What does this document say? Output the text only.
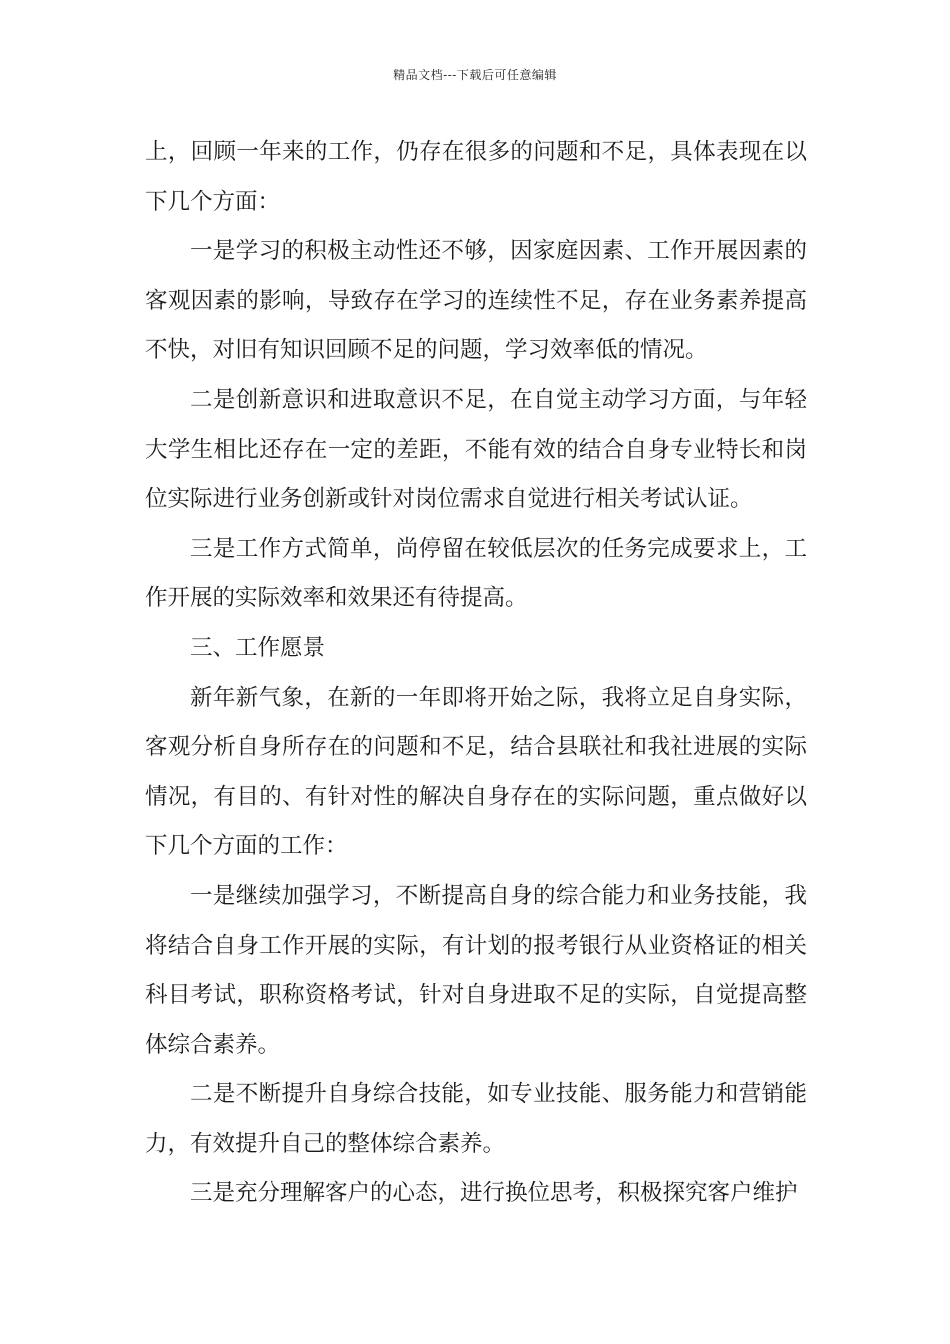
精品文档---下载后可任意编辑

上，回顾一年来的工作，仍存在很多的问题和不足，具体表现在以下几个方面：

一是学习的积极主动性还不够，因家庭因素、工作开展因素的客观因素的影响，导致存在学习的连续性不足，存在业务素养提高不快，对旧有知识回顾不足的问题，学习效率低的情况。

二是创新意识和进取意识不足，在自觉主动学习方面，与年轻大学生相比还存在一定的差距，不能有效的结合自身专业特长和岗位实际进行业务创新或针对岗位需求自觉进行相关考试认证。

三是工作方式简单，尚停留在较低层次的任务完成要求上，工作开展的实际效率和效果还有待提高。

三、工作愿景

新年新气象，在新的一年即将开始之际，我将立足自身实际，客观分析自身所存在的问题和不足，结合县联社和我社进展的实际情况，有目的、有针对性的解决自身存在的实际问题，重点做好以下几个方面的工作：

一是继续加强学习，不断提高自身的综合能力和业务技能，我将结合自身工作开展的实际，有计划的报考银行从业资格证的相关科目考试，职称资格考试，针对自身进取不足的实际，自觉提高整体综合素养。

二是不断提升自身综合技能，如专业技能、服务能力和营销能力，有效提升自己的整体综合素养。

三是充分理解客户的心态，进行换位思考，积极探究客户维护
